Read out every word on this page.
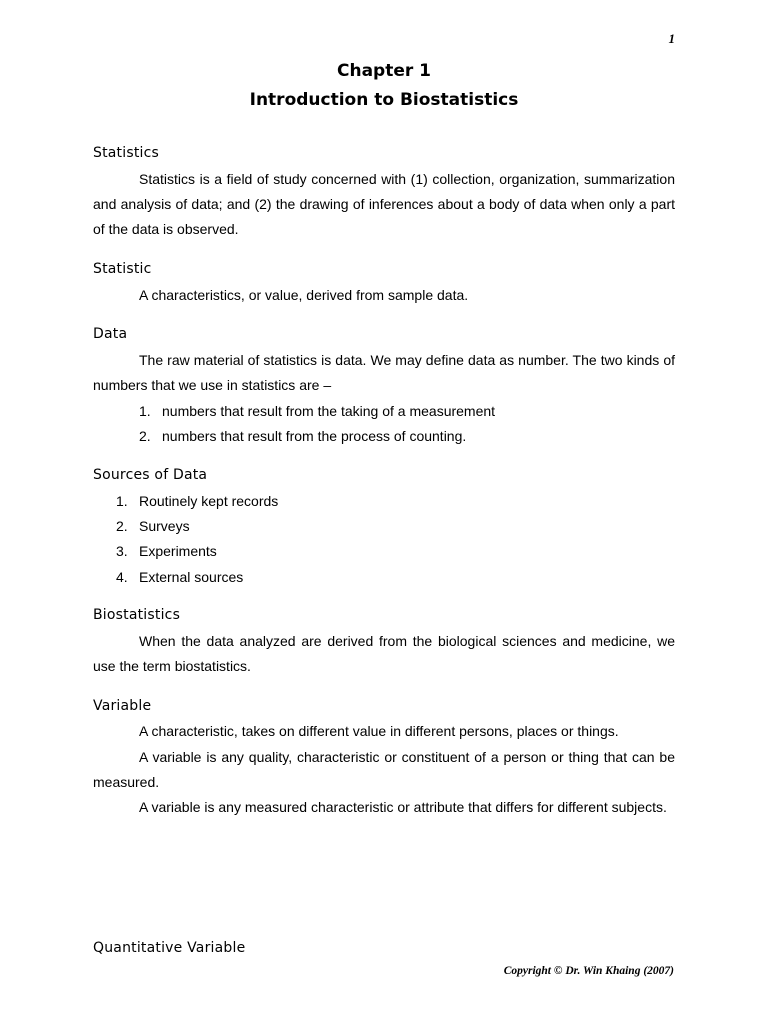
1
Chapter 1
Introduction to Biostatistics
Statistics
Statistics is a field of study concerned with (1) collection, organization, summarization and analysis of data; and (2) the drawing of inferences about a body of data when only a part of the data is observed.
Statistic
A characteristics, or value, derived from sample data.
Data
The raw material of statistics is data. We may define data as number. The two kinds of numbers that we use in statistics are –
1. numbers that result from the taking of a measurement
2. numbers that result from the process of counting.
Sources of Data
1. Routinely kept records
2. Surveys
3. Experiments
4. External sources
Biostatistics
When the data analyzed are derived from the biological sciences and medicine, we use the term biostatistics.
Variable
A characteristic, takes on different value in different persons, places or things.
A variable is any quality, characteristic or constituent of a person or thing that can be measured.
A variable is any measured characteristic or attribute that differs for different subjects.
Quantitative Variable
Copyright © Dr. Win Khaing (2007)
